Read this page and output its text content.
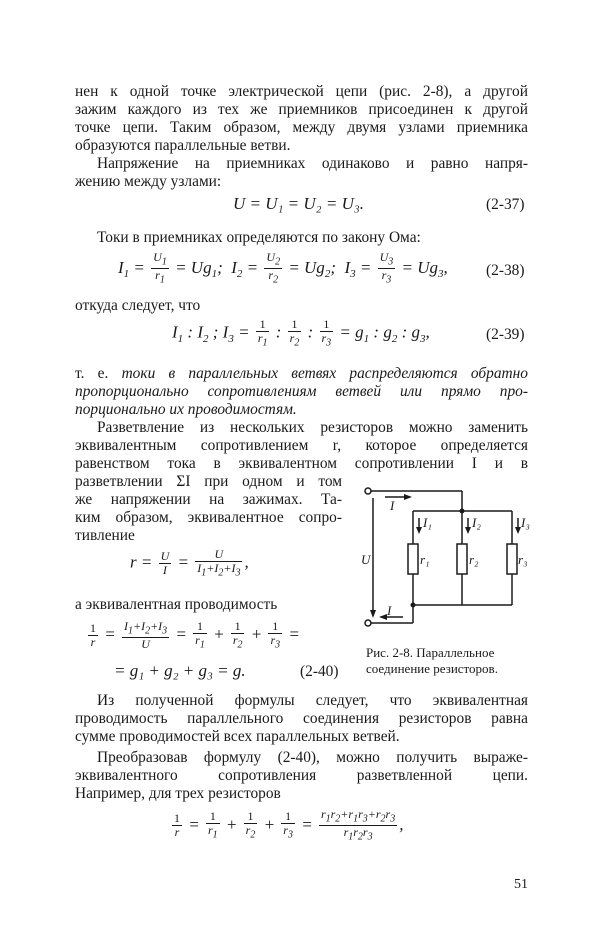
нен к одной точке электрической цепи (рис. 2-8), а другой
зажим каждого из тех же приемников присоединен к другой
точке цепи. Таким образом, между двумя узлами приемника
образуются параллельные ветви.
Напряжение на приемниках одинаково и равно напря-
жению между узлами:
U = U₁ = U₂ = U₃.	(2-37)
Токи в приемниках определяются по закону Ома:
$I_1 = \frac{U_1}{r_1} = Ug_1$;  $I_2 = \frac{U_2}{r_2} = Ug_2$;  $I_3 = \frac{U_3}{r_3} = Ug_3$, (2-38)
откуда следует, что
$I_1$ : $I_2$ ; $I_3 = \frac{1}{r_1}$ : $\frac{1}{r_2}$ : $\frac{1}{r_3} = g_1$ : $g_2$ : $g_3$,	(2-39)
т. е. токи в параллельных ветвях распределяются обратно
пропорционально сопротивлениям ветвей или прямо про-
порционально их проводимостям.
Разветвление из нескольких резисторов можно заменить
эквивалентным сопротивлением r, которое определяется
равенством тока в эквивалентном сопротивлении I и в
разветвлении ΣI при одном и том
же напряжении на зажимах. Та-
ким образом, эквивалентное сопро-
тивление
$r = \frac{U}{I} = \frac{U}{I_1+I_2+I_3}$ ,
а эквивалентная проводимость
$\frac{1}{r} = \frac{I_1+I_2+I_3}{U} = \frac{1}{r_1} + \frac{1}{r_2} + \frac{1}{r_3}$ =
= g₁ + g₂ + g₃ = g.	(2-40)
I
I
U
I₁	I₂	I₃
r₁	r₂	r₃
Рис. 2-8. Параллельное
соединение резисторов.
Из полученной формулы следует, что эквивалентная
проводимость параллельного соединения резисторов равна
сумме проводимостей всех параллельных ветвей.
Преобразовав формулу (2-40), можно получить выраже-
эквивалентного сопротивления разветвленной цепи.
Например, для трех резисторов
$\frac{1}{r} = \frac{1}{r_1} + \frac{1}{r_2} + \frac{1}{r_3} = \frac{r_1r_2+r_1r_3+r_2r_3}{r_1r_2r_3}$ ,
51
